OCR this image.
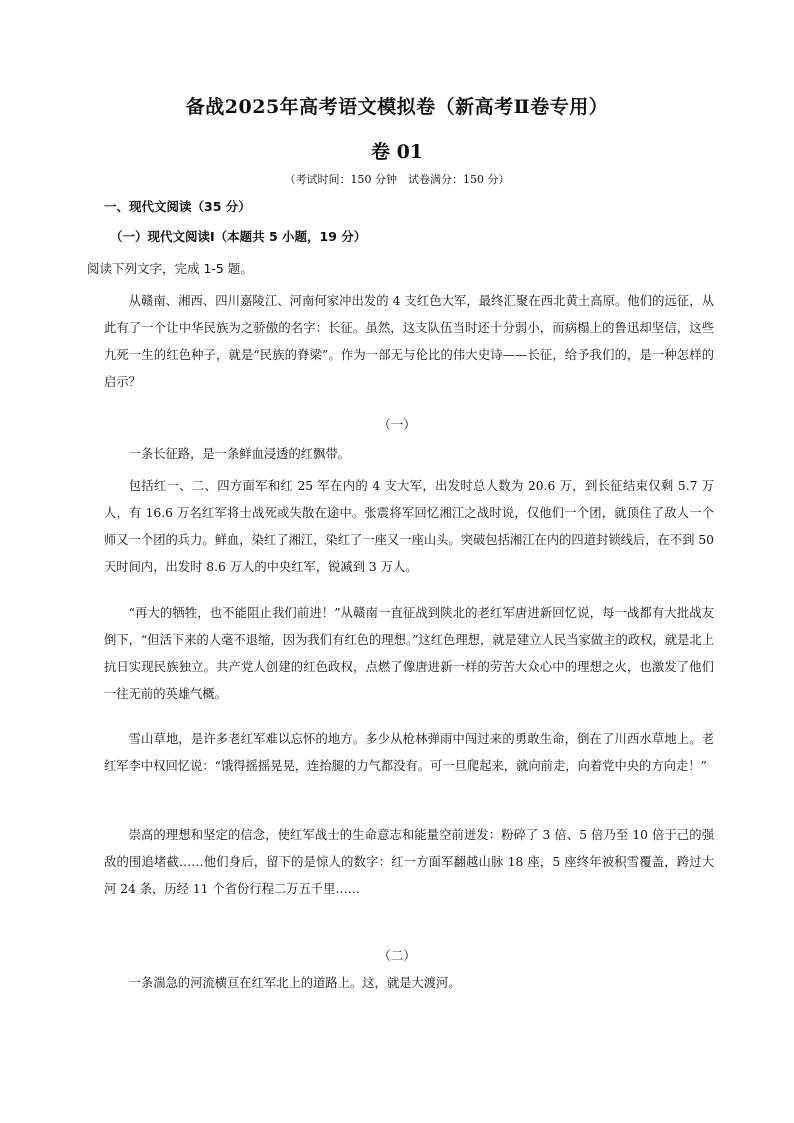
备战2025年高考语文模拟卷（新高考Ⅱ卷专用）
卷 01
（考试时间：150 分钟　试卷满分：150 分）
一、现代文阅读（35 分）
（一）现代文阅读Ⅰ（本题共 5 小题，19 分）
阅读下列文字，完成 1-5 题。

从赣南、湘西、四川嘉陵江、河南何家冲出发的 4 支红色大军，最终汇聚在西北黄土高原。他们的远征，从此有了一个让中华民族为之骄傲的名字：长征。虽然，这支队伍当时还十分弱小，而病榻上的鲁迅却坚信，这些九死一生的红色种子，就是“民族的脊梁”。作为一部无与伦比的伟大史诗——长征，给予我们的，是一种怎样的启示？

（一）

一条长征路，是一条鲜血浸透的红飘带。

包括红一、二、四方面军和红 25 军在内的 4 支大军，出发时总人数为 20.6 万，到长征结束仅剩 5.7 万人，有 16.6 万名红军将士战死或失散在途中。张震将军回忆湘江之战时说，仅他们一个团，就顶住了敌人一个师又一个团的兵力。鲜血，染红了湘江，染红了一座又一座山头。突破包括湘江在内的四道封锁线后，在不到 50 天时间内，出发时 8.6 万人的中央红军，锐减到 3 万人。

“再大的牺牲，也不能阻止我们前进！”从赣南一直征战到陕北的老红军唐进新回忆说，每一战都有大批战友倒下，“但活下来的人毫不退缩，因为我们有红色的理想。”这红色理想，就是建立人民当家做主的政权，就是北上抗日实现民族独立。共产党人创建的红色政权，点燃了像唐进新一样的劳苦大众心中的理想之火，也激发了他们一往无前的英雄气概。

雪山草地，是许多老红军难以忘怀的地方。多少从枪林弹雨中闯过来的勇敢生命，倒在了川西水草地上。老红军李中权回忆说：“饿得摇摇晃晃，连抬腿的力气都没有。可一旦爬起来，就向前走，向着党中央的方向走！”

崇高的理想和坚定的信念，使红军战士的生命意志和能量空前迸发：粉碎了 3 倍、5 倍乃至 10 倍于己的强敌的围追堵截……他们身后，留下的是惊人的数字：红一方面军翻越山脉 18 座，5 座终年被积雪覆盖，跨过大河 24 条，历经 11 个省份行程二万五千里……

（二）

一条湍急的河流横亘在红军北上的道路上。这，就是大渡河。
